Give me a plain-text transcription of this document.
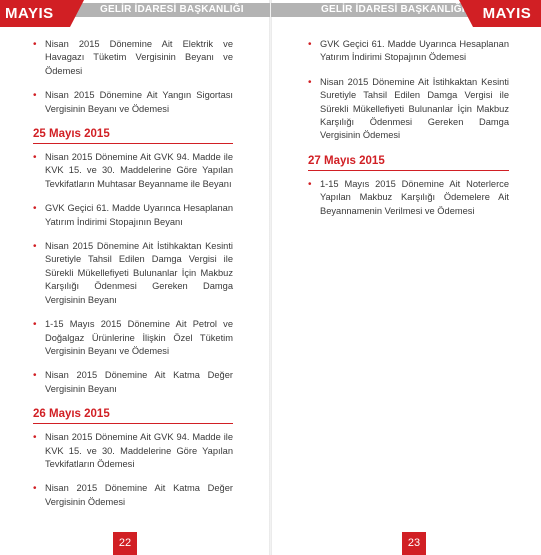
GELİR İDARESİ BAŞKANLIĞI
MAYIS
• Nisan 2015 Dönemine Ait Elektrik ve Havagazı Tüketim Vergisinin Beyanı ve Ödemesi
• Nisan 2015 Dönemine Ait Yangın Sigortası Vergisinin Beyanı ve Ödemesi
25 Mayıs 2015
• Nisan 2015 Dönemine Ait GVK 94. Madde ile KVK 15. ve 30. Maddelerine Göre Yapılan Tevkifatların Muhtasar Beyanname ile Beyanı
• GVK Geçici 61. Madde Uyarınca Hesaplanan Yatırım İndirimi Stopajının Beyanı
• Nisan 2015 Dönemine Ait İstihkaktan Kesinti Suretiyle Tahsil Edilen Damga Vergisi ile Sürekli Mükellefiyeti Bulunanlar İçin Makbuz Karşılığı Ödenmesi Gereken Damga Vergisinin Beyanı
• 1-15 Mayıs 2015 Dönemine Ait Petrol ve Doğalgaz Ürünlerine İlişkin Özel Tüketim Vergisinin Beyanı ve Ödemesi
• Nisan 2015 Dönemine Ait Katma Değer Vergisinin Beyanı
26 Mayıs 2015
• Nisan 2015 Dönemine Ait GVK 94. Madde ile KVK 15. ve 30. Maddelerine Göre Yapılan Tevkifatların Ödemesi
• Nisan 2015 Dönemine Ait Katma Değer Vergisinin Ödemesi
22
GELİR İDARESİ BAŞKANLIĞI	MAYIS
• GVK Geçici 61. Madde Uyarınca Hesaplanan Yatırım İndirimi Stopajının Ödemesi
• Nisan 2015 Dönemine Ait İstihkaktan Kesinti Suretiyle Tahsil Edilen Damga Vergisi ile Sürekli Mükellefiyeti Bulunanlar İçin Makbuz Karşılığı Ödenmesi Gereken Damga Vergisinin Ödemesi
27 Mayıs 2015
• 1-15 Mayıs 2015 Dönemine Ait Noterlerce Yapılan Makbuz Karşılığı Ödemelere Ait Beyannamenin Verilmesi ve Ödemesi
23
